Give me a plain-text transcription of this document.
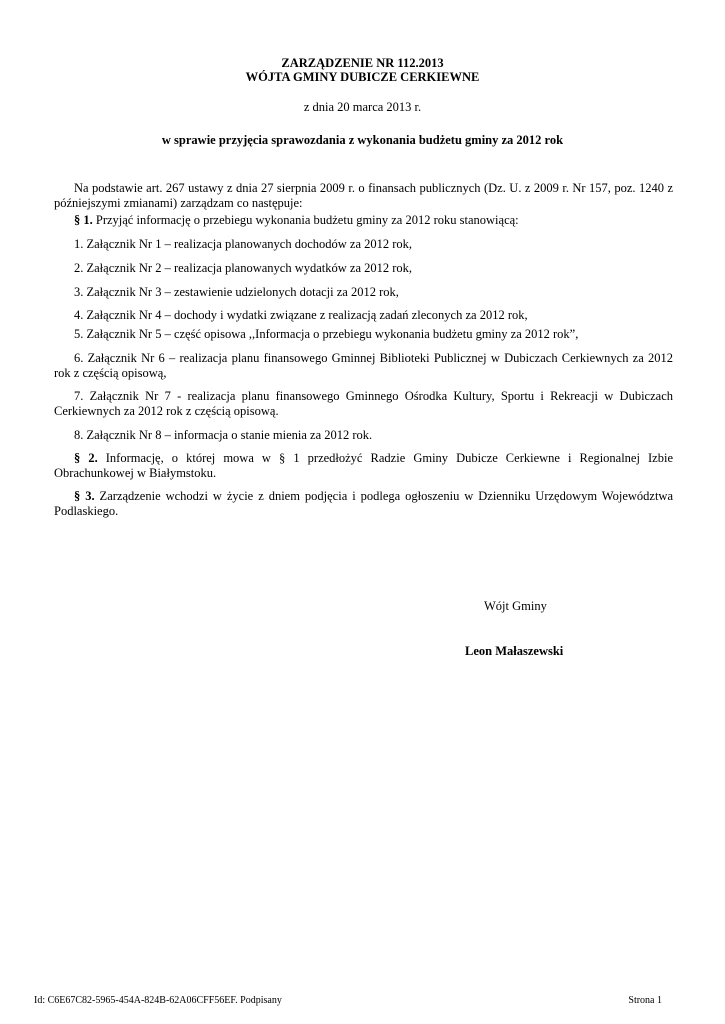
ZARZĄDZENIE NR 112.2013
WÓJTA GMINY DUBICZE CERKIEWNE
z dnia 20 marca 2013 r.
w sprawie przyjęcia sprawozdania z wykonania budżetu gminy za 2012 rok
Na podstawie art. 267 ustawy z dnia 27 sierpnia 2009 r. o finansach publicznych (Dz. U. z 2009 r. Nr 157, poz. 1240 z późniejszymi zmianami) zarządzam co następuje:
§ 1. Przyjąć informację o przebiegu wykonania budżetu gminy za 2012 roku stanowiącą:
1. Załącznik Nr 1 – realizacja planowanych dochodów za 2012 rok,
2. Załącznik Nr 2 – realizacja planowanych wydatków za 2012 rok,
3. Załącznik Nr 3 – zestawienie udzielonych dotacji za 2012 rok,
4. Załącznik Nr 4 – dochody i wydatki związane z realizacją zadań zleconych za 2012 rok,
5. Załącznik Nr 5 – część opisowa ,,Informacja o przebiegu wykonania budżetu gminy za 2012 rok”,
6. Załącznik Nr 6 – realizacja planu finansowego Gminnej Biblioteki Publicznej w Dubiczach Cerkiewnych za 2012 rok z częścią opisową,
7. Załącznik Nr 7 - realizacja planu finansowego Gminnego Ośrodka Kultury, Sportu i Rekreacji w Dubiczach Cerkiewnych za 2012 rok z częścią opisową.
8. Załącznik Nr 8 – informacja o stanie mienia za 2012 rok.
§ 2. Informację, o której mowa w § 1 przedłożyć Radzie Gminy Dubicze Cerkiewne i Regionalnej Izbie Obrachunkowej w Białymstoku.
§ 3. Zarządzenie wchodzi w życie z dniem podjęcia i podlega ogłoszeniu w Dzienniku Urzędowym Województwa Podlaskiego.
Wójt Gminy
Leon Małaszewski
Id: C6E67C82-5965-454A-824B-62A06CFF56EF. Podpisany	Strona 1
